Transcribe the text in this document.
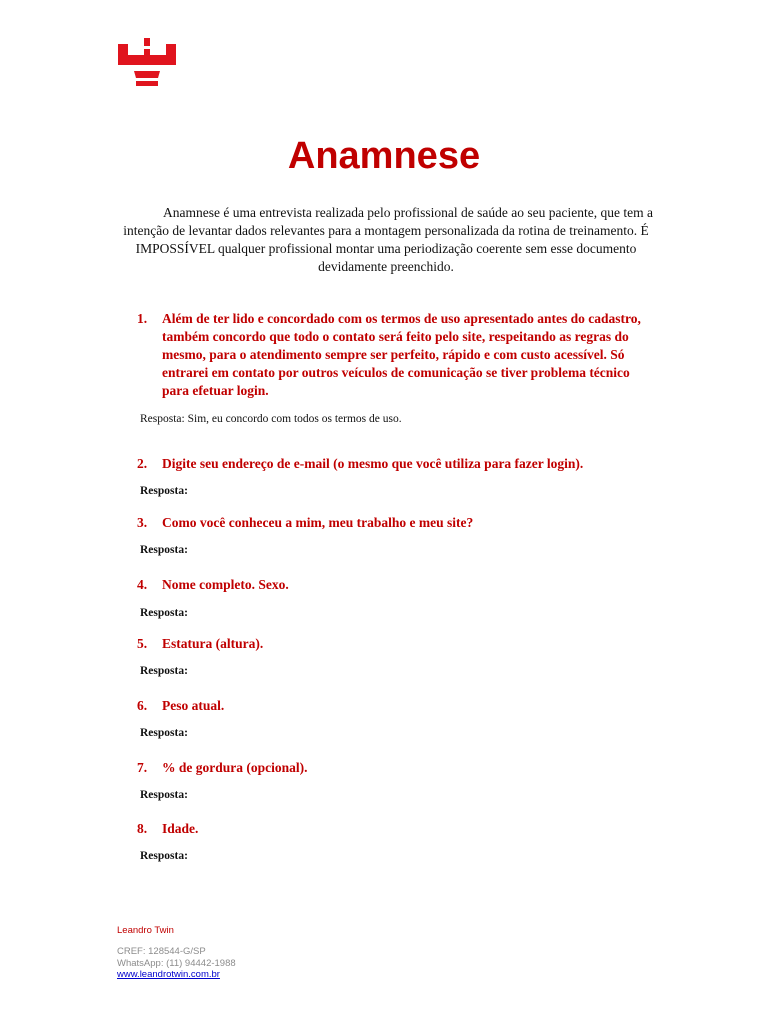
Anamnese

Anamnese é uma entrevista realizada pelo profissional de saúde ao seu paciente, que tem a intenção de levantar dados relevantes para a montagem personalizada da rotina de treinamento. É IMPOSSÍVEL qualquer profissional montar uma periodização coerente sem esse documento devidamente preenchido.

1.	Além de ter lido e concordado com os termos de uso apresentado antes do cadastro, também concordo que todo o contato será feito pelo site, respeitando as regras do mesmo, para o atendimento sempre ser perfeito, rápido e com custo acessível. Só entrarei em contato por outros veículos de comunicação se tiver problema técnico para efetuar login.

Resposta: Sim, eu concordo com todos os termos de uso.

2.	Digite seu endereço de e-mail (o mesmo que você utiliza para fazer login).

Resposta:

3.	Como você conheceu a mim, meu trabalho e meu site?

Resposta:

4.	Nome completo. Sexo.

Resposta:

5.	Estatura (altura).

Resposta:

6.	Peso atual.

Resposta:

7.	% de gordura (opcional).

Resposta:

8.	Idade.

Resposta:

Leandro Twin

CREF: 128544-G/SP

WhatsApp: (11) 94442-1988

www.leandrotwin.com.br
